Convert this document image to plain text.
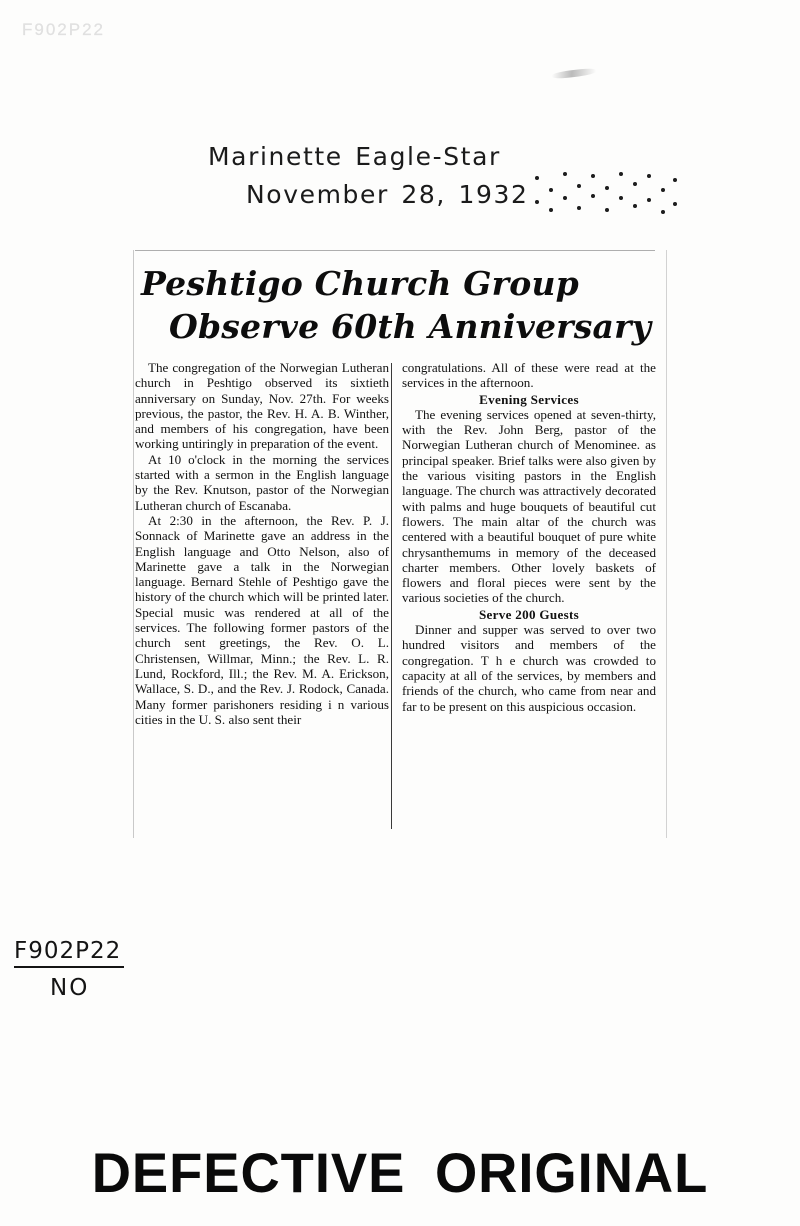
F902P22
Marinette Eagle-Star
November 28, 1932
Peshtigo Church Group
Observe 60th Anniversary

The congregation of the Norwegian Lutheran church in Peshtigo observed its sixtieth anniversary on Sunday, Nov. 27th. For weeks previous, the pastor, the Rev. H. A. B. Winther, and members of his congregation, have been working untiringly in preparation of the event.

At 10 o'clock in the morning the services started with a sermon in the English language by the Rev. Knutson, pastor of the Norwegian Lutheran church of Escanaba.

At 2:30 in the afternoon, the Rev. P. J. Sonnack of Marinette gave an address in the English language and Otto Nelson, also of Marinette gave a talk in the Norwegian language. Bernard Stehle of Peshtigo gave the history of the church which will be printed later. Special music was rendered at all of the services. The following former pastors of the church sent greetings, the Rev. O. L. Christensen, Willmar, Minn.; the Rev. L. R. Lund, Rockford, Ill.; the Rev. M. A. Erickson, Wallace, S. D., and the Rev. J. Rodock, Canada. Many former parishoners residing i n various cities in the U. S. also sent their

congratulations. All of these were read at the services in the afternoon.

Evening Services

The evening services opened at seven-thirty, with the Rev. John Berg, pastor of the Norwegian Lutheran church of Menominee. as principal speaker. Brief talks were also given by the various visiting pastors in the English language. The church was attractively decorated with palms and huge bouquets of beautiful cut flowers. The main altar of the church was centered with a beautiful bouquet of pure white chrysanthemums in memory of the deceased charter members. Other lovely baskets of flowers and floral pieces were sent by the various societies of the church.

Serve 200 Guests

Dinner and supper was served to over two hundred visitors and members of the congregation. T h e church was crowded to capacity at all of the services, by members and friends of the church, who came from near and far to be present on this auspicious occasion.

F902P22
NO
DEFECTIVE ORIGINAL
